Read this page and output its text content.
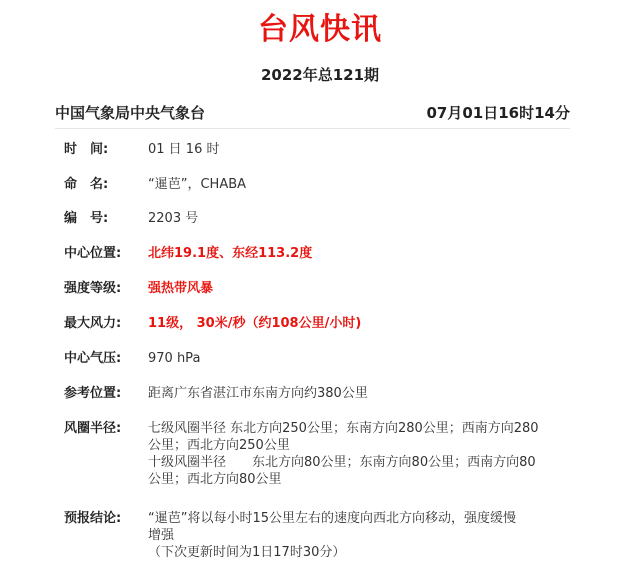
台风快讯
2022年总121期
中国气象局中央气象台	07月01日16时14分
时　间:	01 日 16 时
命　名:	“暹芭”，CHABA
编　号:	2203 号
中心位置:	北纬19.1度、东经113.2度
强度等级:	强热带风暴
最大风力:	11级， 30米/秒（约108公里/小时)
中心气压:	970 hPa
参考位置:	距离广东省湛江市东南方向约380公里
风圈半径:	七级风圈半径 东北方向250公里；东南方向280公里；西南方向280
公里；西北方向250公里
十级风圈半径　　东北方向80公里；东南方向80公里；西南方向80
公里；西北方向80公里
预报结论:	“暹芭”将以每小时15公里左右的速度向西北方向移动，强度缓慢
增强
（下次更新时间为1日17时30分）
